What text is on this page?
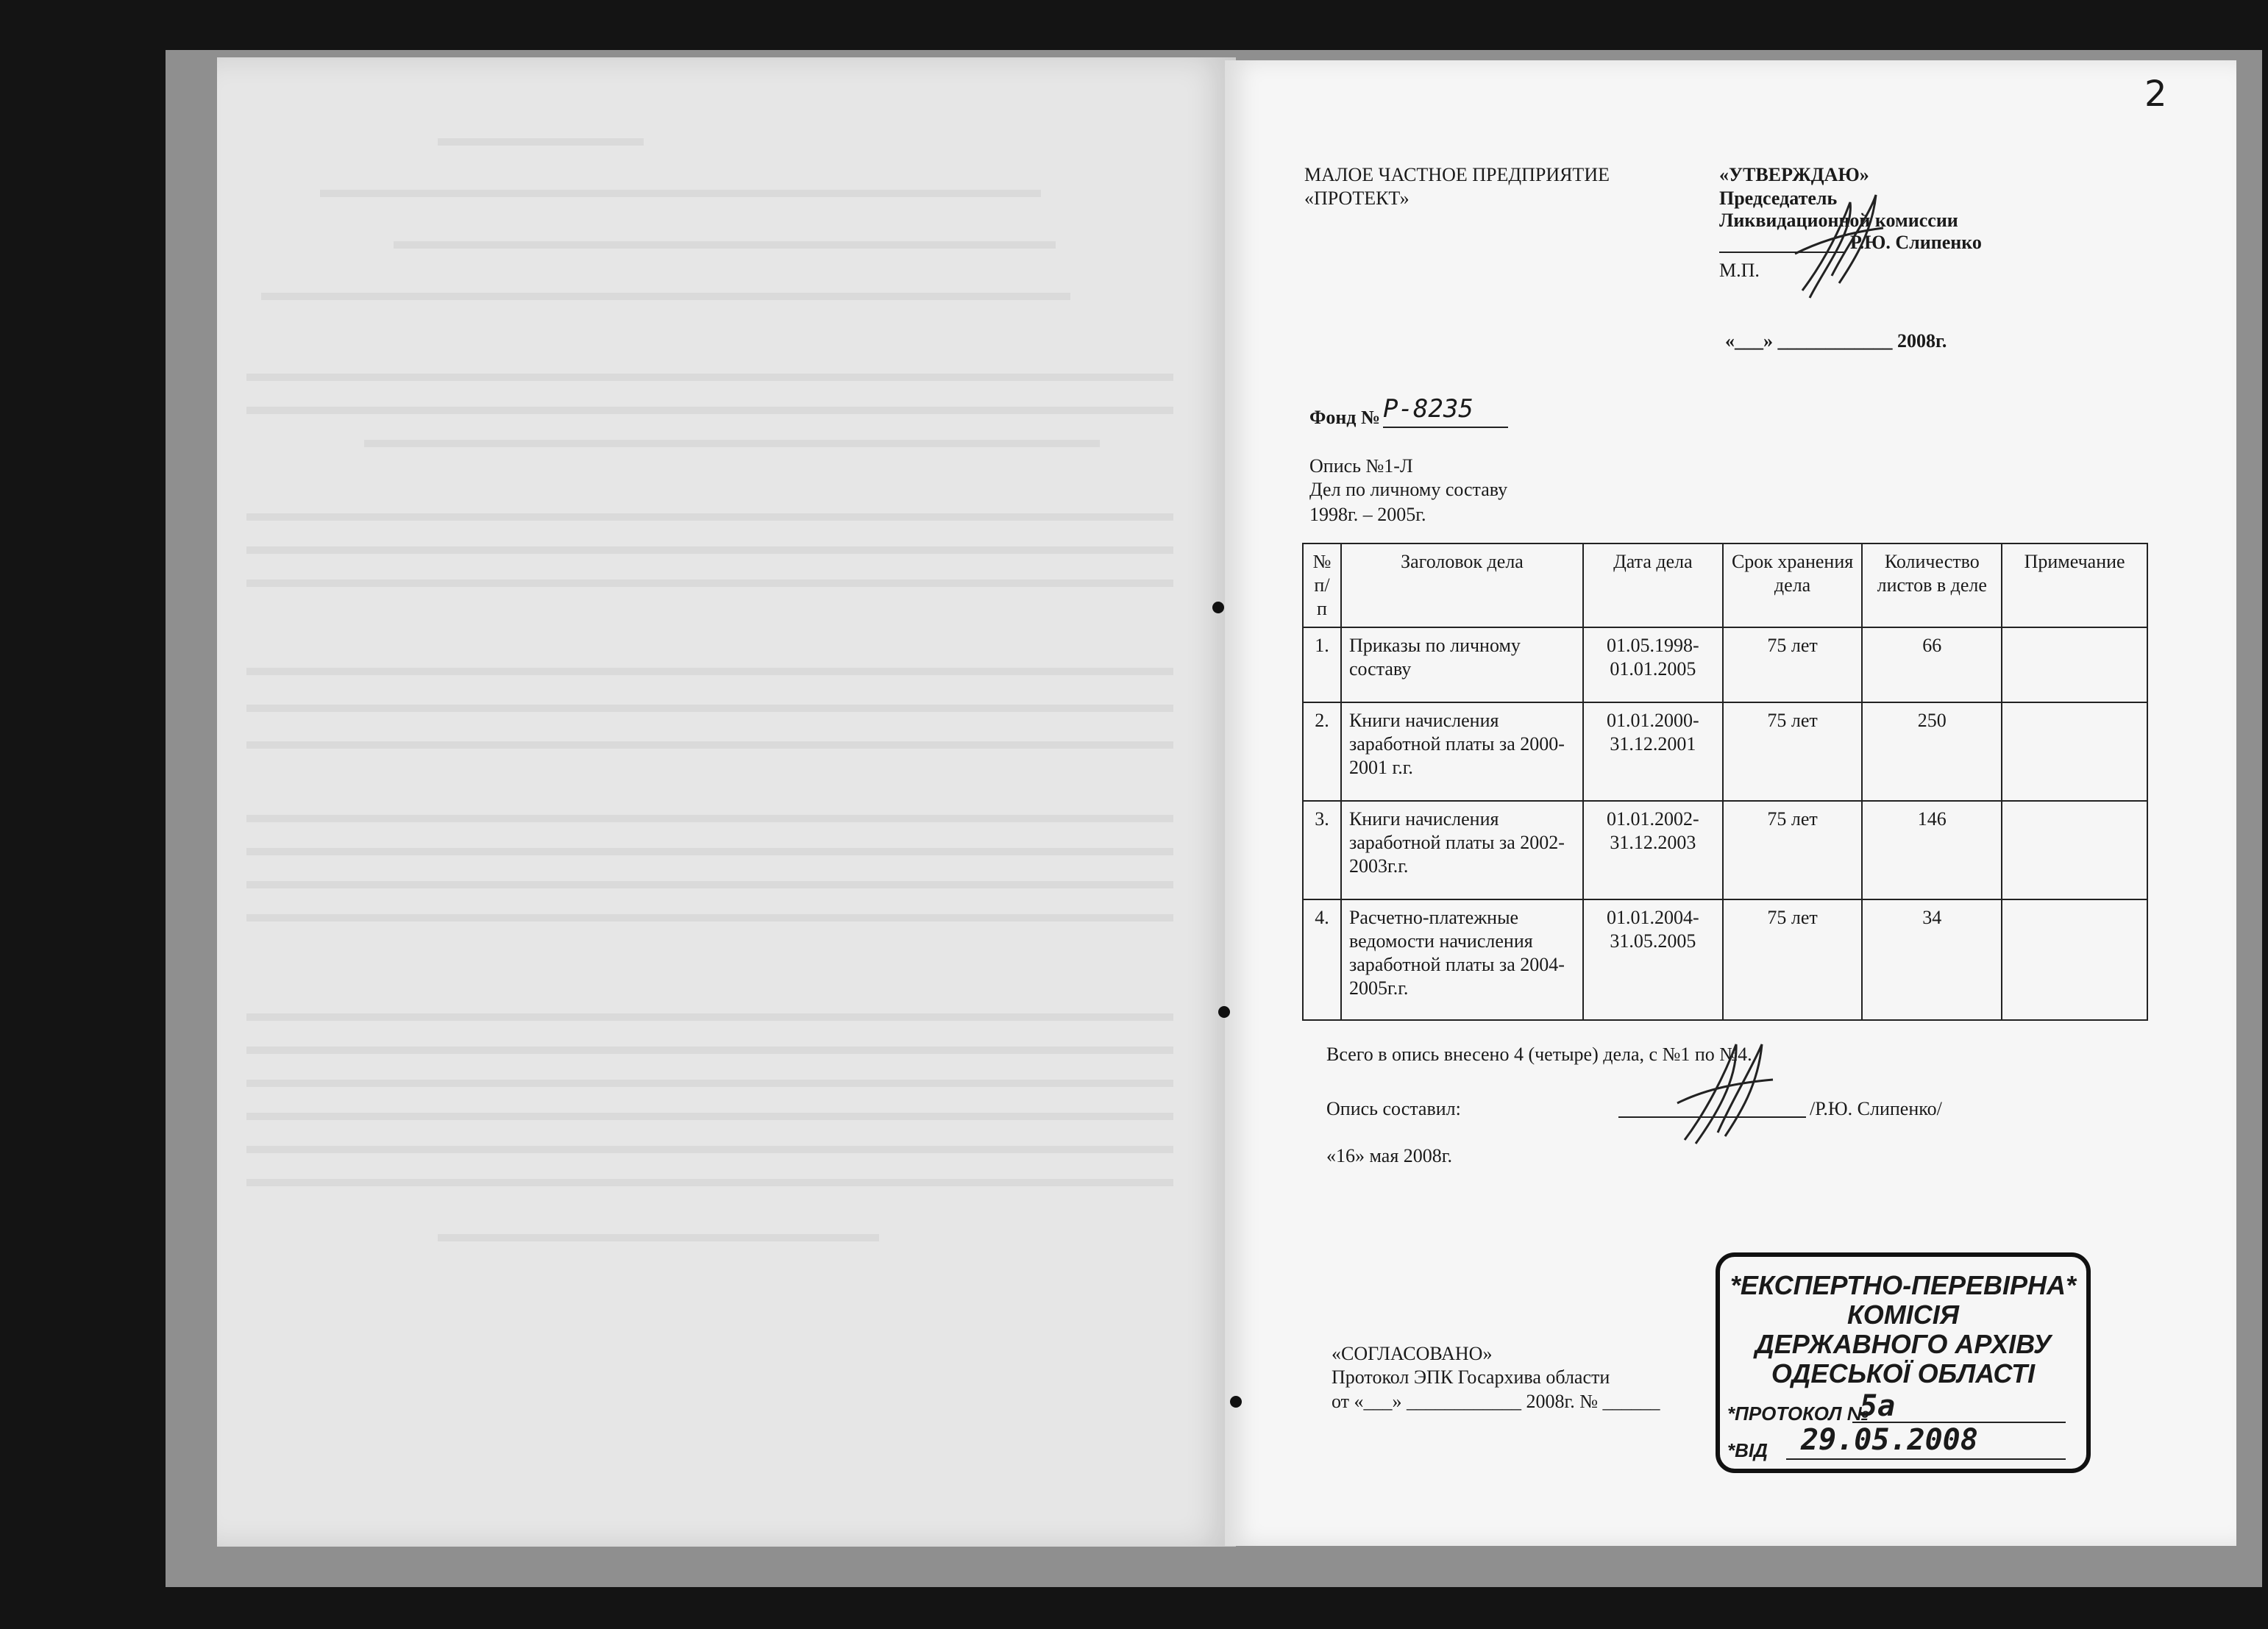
2
МАЛОЕ ЧАСТНОЕ ПРЕДПРИЯТИЕ
«ПРОТЕКТ»
«УТВЕРЖДАЮ»
Председатель
Ликвидационной комиссии
Р.Ю. Слипенко
М.П.
«___» ____________ 2008г.
Фонд № Р-8235
Опись №1-Л
Дел по личному составу
1998г. – 2005г.
№ п/п	Заголовок дела	Дата дела	Срок хранения дела	Количество листов в деле	Примечание
1.	Приказы по личному составу	01.05.1998-01.01.2005	75 лет	66	
2.	Книги начисления заработной платы за 2000-2001 г.г.	01.01.2000-31.12.2001	75 лет	250	
3.	Книги начисления заработной платы за 2002-2003г.г.	01.01.2002-31.12.2003	75 лет	146	
4.	Расчетно-платежные ведомости начисления заработной платы за 2004-2005г.г.	01.01.2004-31.05.2005	75 лет	34	
Всего в опись внесено 4 (четыре) дела, с №1 по №4.
Опись составил:	/Р.Ю. Слипенко/
«16» мая 2008г.
«СОГЛАСОВАНО»
Протокол ЭПК Госархива области
от «___» ____________ 2008г. № ______
*ЕКСПЕРТНО-ПЕРЕВІРНА*
КОМІСІЯ
ДЕРЖАВНОГО АРХІВУ
ОДЕСЬКОЇ ОБЛАСТІ
*ПРОТОКОЛ №
5а
*ВІД 29.05.2008
